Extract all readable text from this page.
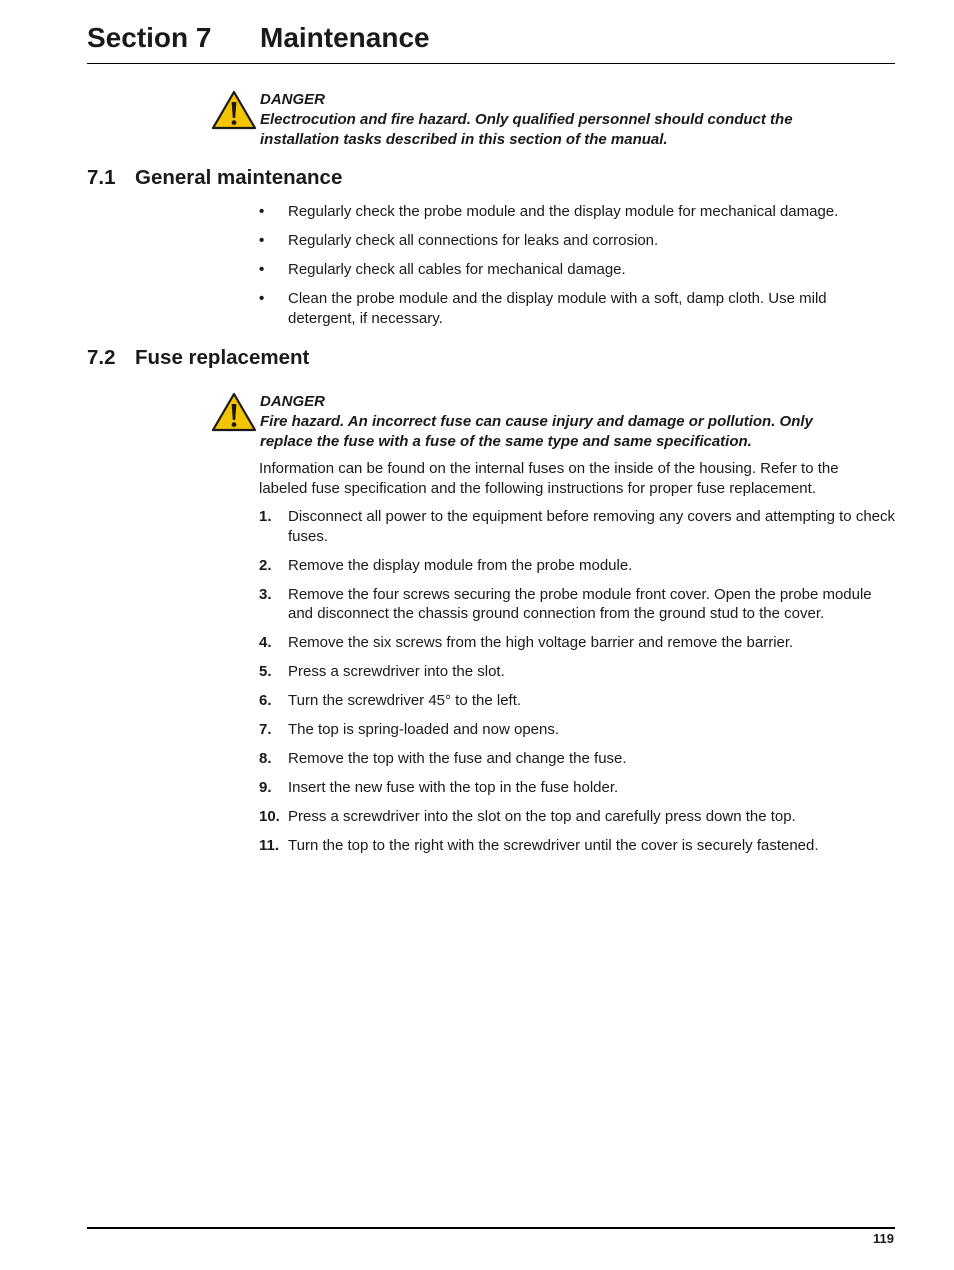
Section 7 Maintenance
DANGER
Electrocution and fire hazard. Only qualified personnel should conduct the installation tasks described in this section of the manual.
7.1 General maintenance
• Regularly check the probe module and the display module for mechanical damage.
• Regularly check all connections for leaks and corrosion.
• Regularly check all cables for mechanical damage.
• Clean the probe module and the display module with a soft, damp cloth. Use mild detergent, if necessary.
7.2 Fuse replacement
DANGER
Fire hazard. An incorrect fuse can cause injury and damage or pollution. Only replace the fuse with a fuse of the same type and same specification.
Information can be found on the internal fuses on the inside of the housing. Refer to the labeled fuse specification and the following instructions for proper fuse replacement.
1. Disconnect all power to the equipment before removing any covers and attempting to check fuses.
2. Remove the display module from the probe module.
3. Remove the four screws securing the probe module front cover. Open the probe module and disconnect the chassis ground connection from the ground stud to the cover.
4. Remove the six screws from the high voltage barrier and remove the barrier.
5. Press a screwdriver into the slot.
6. Turn the screwdriver 45° to the left.
7. The top is spring-loaded and now opens.
8. Remove the top with the fuse and change the fuse.
9. Insert the new fuse with the top in the fuse holder.
10. Press a screwdriver into the slot on the top and carefully press down the top.
11. Turn the top to the right with the screwdriver until the cover is securely fastened.
119
